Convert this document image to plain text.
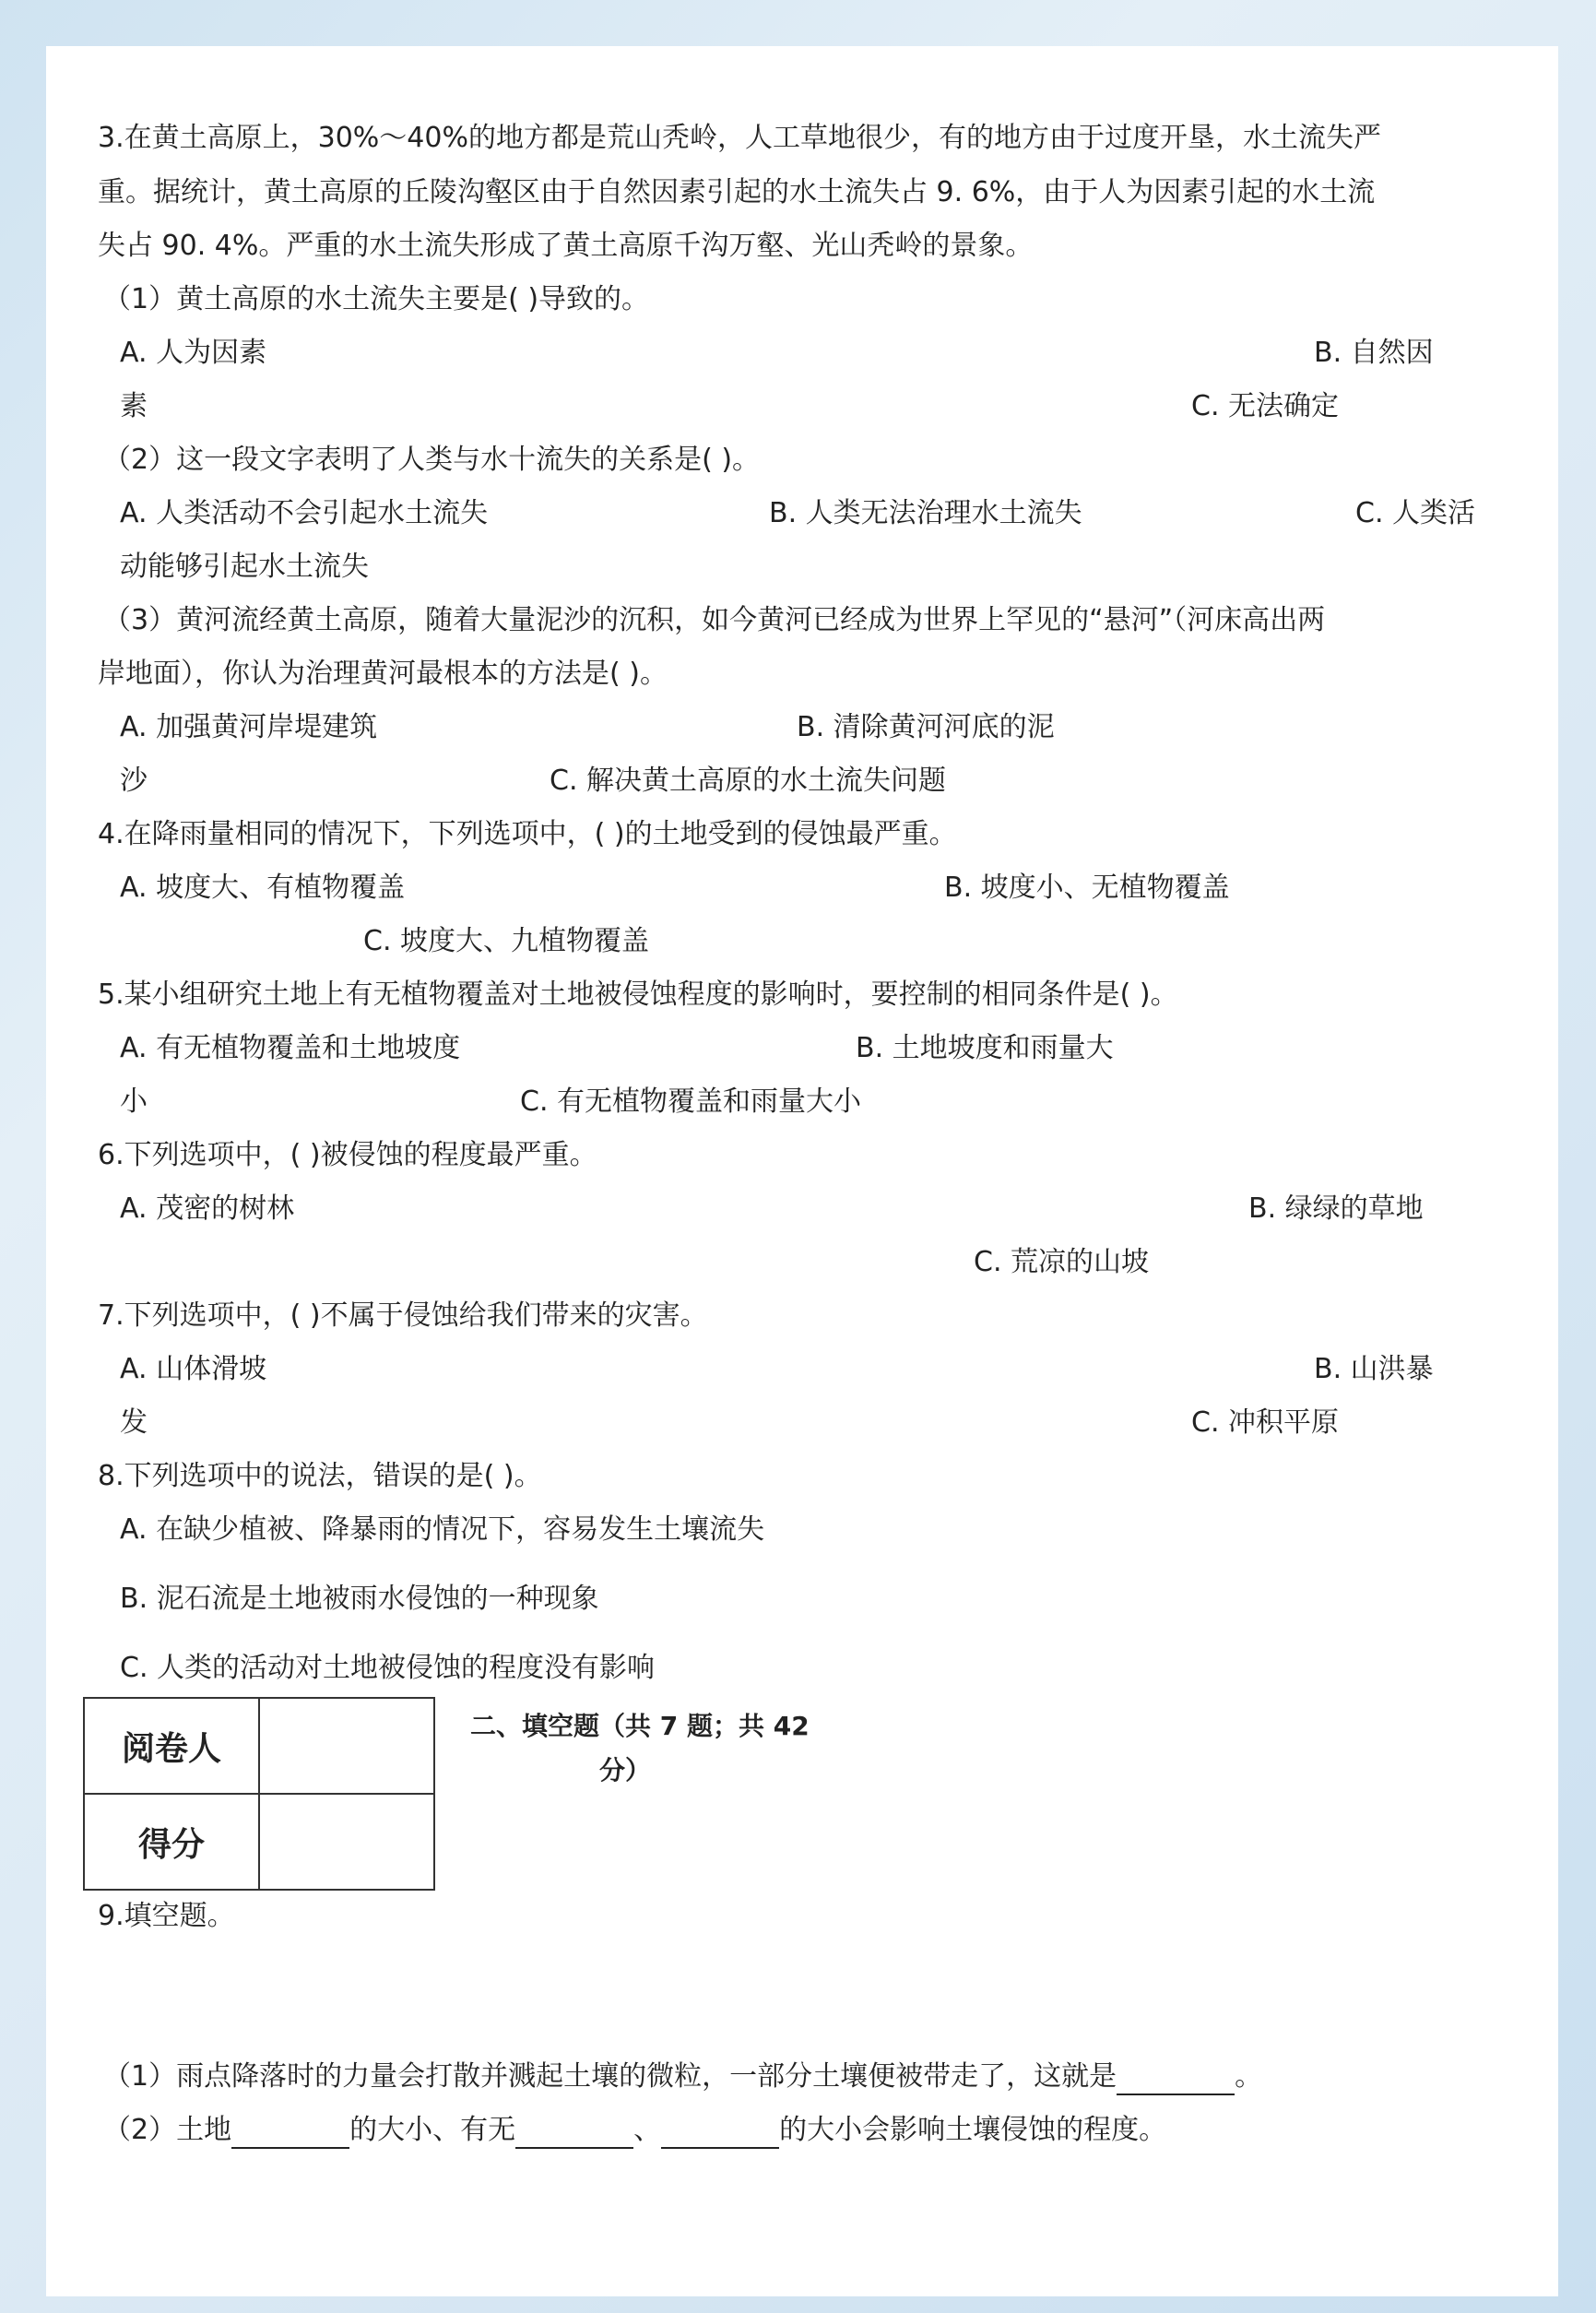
3.在黄土高原上，30%～40%的地方都是荒山秃岭，人工草地很少，有的地方由于过度开垦，水土流失严
重。据统计，黄土高原的丘陵沟壑区由于自然因素引起的水土流失占 9. 6%，由于人为因素引起的水土流
失占 90. 4%。严重的水土流失形成了黄土高原千沟万壑、光山秃岭的景象。
（1）黄土高原的水土流失主要是( )导致的。
A. 人为因素	B. 自然因
素	C. 无法确定
（2）这一段文字表明了人类与水十流失的关系是( )。
A. 人类活动不会引起水土流失	B. 人类无法治理水土流失	C. 人类活
动能够引起水土流失
（3）黄河流经黄土高原，随着大量泥沙的沉积，如今黄河已经成为世界上罕见的“悬河”（河床高出两
岸地面），你认为治理黄河最根本的方法是( )。
A. 加强黄河岸堤建筑	B. 清除黄河河底的泥
沙	C. 解决黄土高原的水土流失问题
4.在降雨量相同的情况下，下列选项中，( )的土地受到的侵蚀最严重。
A. 坡度大、有植物覆盖	B. 坡度小、无植物覆盖
C. 坡度大、九植物覆盖
5.某小组研究土地上有无植物覆盖对土地被侵蚀程度的影响时，要控制的相同条件是( )。
A. 有无植物覆盖和土地坡度	B. 土地坡度和雨量大
小	C. 有无植物覆盖和雨量大小
6.下列选项中，( )被侵蚀的程度最严重。
A. 茂密的树林	B. 绿绿的草地
C. 荒凉的山坡
7.下列选项中，( )不属于侵蚀给我们带来的灾害。
A. 山体滑坡	B. 山洪暴
发	C. 冲积平原
8.下列选项中的说法，错误的是( )。
A. 在缺少植被、降暴雨的情况下，容易发生土壤流失
B. 泥石流是土地被雨水侵蚀的一种现象
C. 人类的活动对土地被侵蚀的程度没有影响
阅卷人	
得分	
二、填空题（共 7 题；共 42
分）
9.填空题。
（1）雨点降落时的力量会打散并溅起土壤的微粒，一部分土壤便被带走了，这就是	。
（2）土地	的大小、有无	、	的大小会影响土壤侵蚀的程度。
